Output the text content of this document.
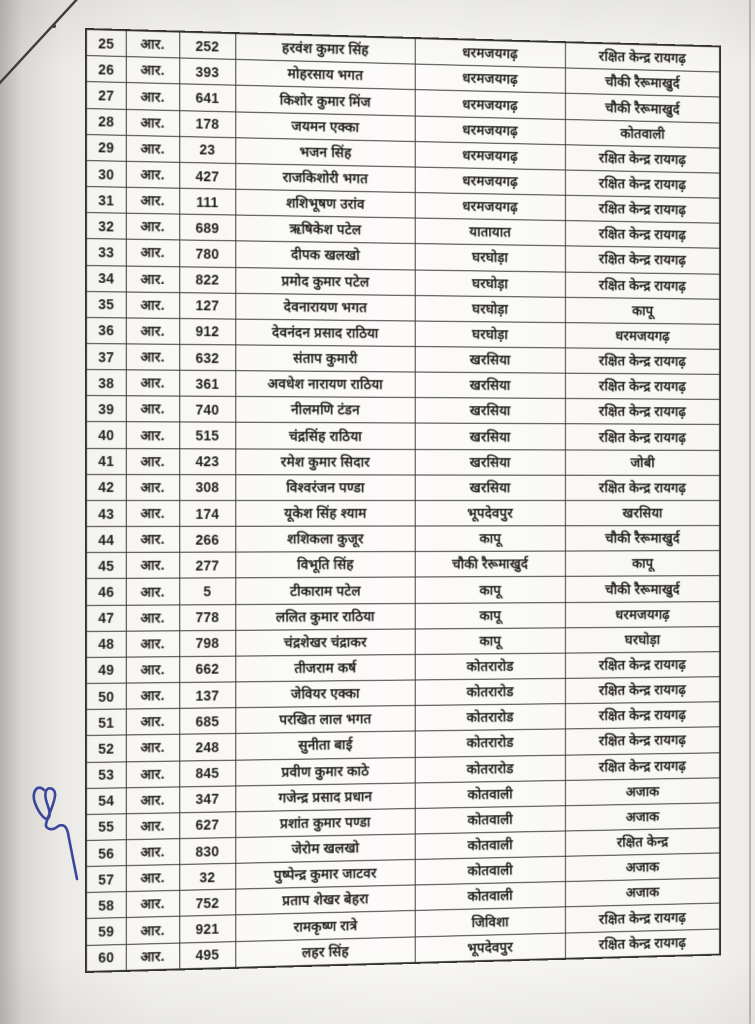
25	आर.	252	हरवंश कुमार सिंह	धरमजयगढ़	रक्षित केन्द्र रायगढ़
26	आर.	393	मोहरसाय भगत	धरमजयगढ़	चौकी रैरूमाखुर्द
27	आर.	641	किशोर कुमार मिंज	धरमजयगढ़	चौकी रैरूमाखुर्द
28	आर.	178	जयमन एक्का	धरमजयगढ़	कोतवाली
29	आर.	23	भजन सिंह	धरमजयगढ़	रक्षित केन्द्र रायगढ़
30	आर.	427	राजकिशोरी भगत	धरमजयगढ़	रक्षित केन्द्र रायगढ़
31	आर.	111	शशिभूषण उरांव	धरमजयगढ़	रक्षित केन्द्र रायगढ़
32	आर.	689	ऋषिकेश पटेल	यातायात	रक्षित केन्द्र रायगढ़
33	आर.	780	दीपक खलखो	घरघोड़ा	रक्षित केन्द्र रायगढ़
34	आर.	822	प्रमोद कुमार पटेल	घरघोड़ा	रक्षित केन्द्र रायगढ़
35	आर.	127	देवनारायण भगत	घरघोड़ा	कापू
36	आर.	912	देवनंदन प्रसाद राठिया	घरघोड़ा	धरमजयगढ़
37	आर.	632	संताप कुमारी	खरसिया	रक्षित केन्द्र रायगढ़
38	आर.	361	अवधेश नारायण राठिया	खरसिया	रक्षित केन्द्र रायगढ़
39	आर.	740	नीलमणि टंडन	खरसिया	रक्षित केन्द्र रायगढ़
40	आर.	515	चंद्रसिंह राठिया	खरसिया	रक्षित केन्द्र रायगढ़
41	आर.	423	रमेश कुमार सिदार	खरसिया	जोबी
42	आर.	308	विश्वरंजन पण्डा	खरसिया	रक्षित केन्द्र रायगढ़
43	आर.	174	यूकेश सिंह श्याम	भूपदेवपुर	खरसिया
44	आर.	266	शशिकला कुजूर	कापू	चौकी रैरूमाखुर्द
45	आर.	277	विभूति सिंह	चौकी रैरूमाखुर्द	कापू
46	आर.	5	टीकाराम पटेल	कापू	चौकी रैरूमाखुर्द
47	आर.	778	ललित कुमार राठिया	कापू	धरमजयगढ़
48	आर.	798	चंद्रशेखर चंद्राकर	कापू	घरघोड़ा
49	आर.	662	तीजराम कर्ष	कोतरारोड	रक्षित केन्द्र रायगढ़
50	आर.	137	जेवियर एक्का	कोतरारोड	रक्षित केन्द्र रायगढ़
51	आर.	685	परखित लाल भगत	कोतरारोड	रक्षित केन्द्र रायगढ़
52	आर.	248	सुनीता बाई	कोतरारोड	रक्षित केन्द्र रायगढ़
53	आर.	845	प्रवीण कुमार काठे	कोतरारोड	रक्षित केन्द्र रायगढ़
54	आर.	347	गजेन्द्र प्रसाद प्रधान	कोतवाली	अजाक
55	आर.	627	प्रशांत कुमार पण्डा	कोतवाली	अजाक
56	आर.	830	जेरोम खलखो	कोतवाली	रक्षित केन्द्र
57	आर.	32	पुष्पेन्द्र कुमार जाटवर	कोतवाली	अजाक
58	आर.	752	प्रताप शेखर बेहरा	कोतवाली	अजाक
59	आर.	921	रामकृष्ण रात्रे	जिविशा	रक्षित केन्द्र रायगढ़
60	आर.	495	लहर सिंह	भूपदेवपुर	रक्षित केन्द्र रायगढ़
